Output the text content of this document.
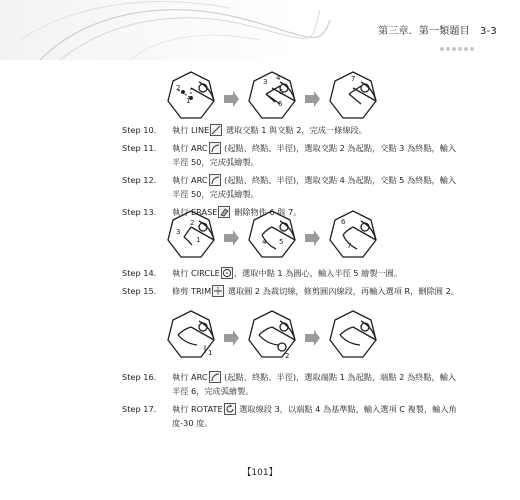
第三章．第一類題目　3-3
2
1
3 4
5
6
7
Step 10. 執行 LINE
選取交點 1 與交點 2，完成一條線段。
Step 11. 執行 ARC
(起點、終點、半徑)，選取交點 2 為起點，交點 3 為終點，輸入半徑 50，完成弧繪製。
Step 12. 執行 ARC
(起點、終點、半徑)，選取交點 4 為起點，交點 5 為終點，輸入半徑 50，完成弧繪製。
Step 13. 執行 ERASE
刪除物件 6 與 7。
3
2
1	4 5
6
7
Step 14. 執行 CIRCLE ，選取中點 1 為圓心，輸入半徑 5 繪製一圓。
Step 15. 修剪 TRIM
選取圓 2 為裁切線，修剪圓內線段，再輸入選項 R，刪除圓 2。
1	2
Step 16. 執行 ARC
(起點、終點、半徑)，選取端點 1 為起點，端點 2 為終點，輸入半徑 6，完成弧繪製。
Step 17. 執行 ROTATE
選取線段 3，以端點 4 為基準點，輸入選項 C 複製，輸入角度-30 度。
【101】
